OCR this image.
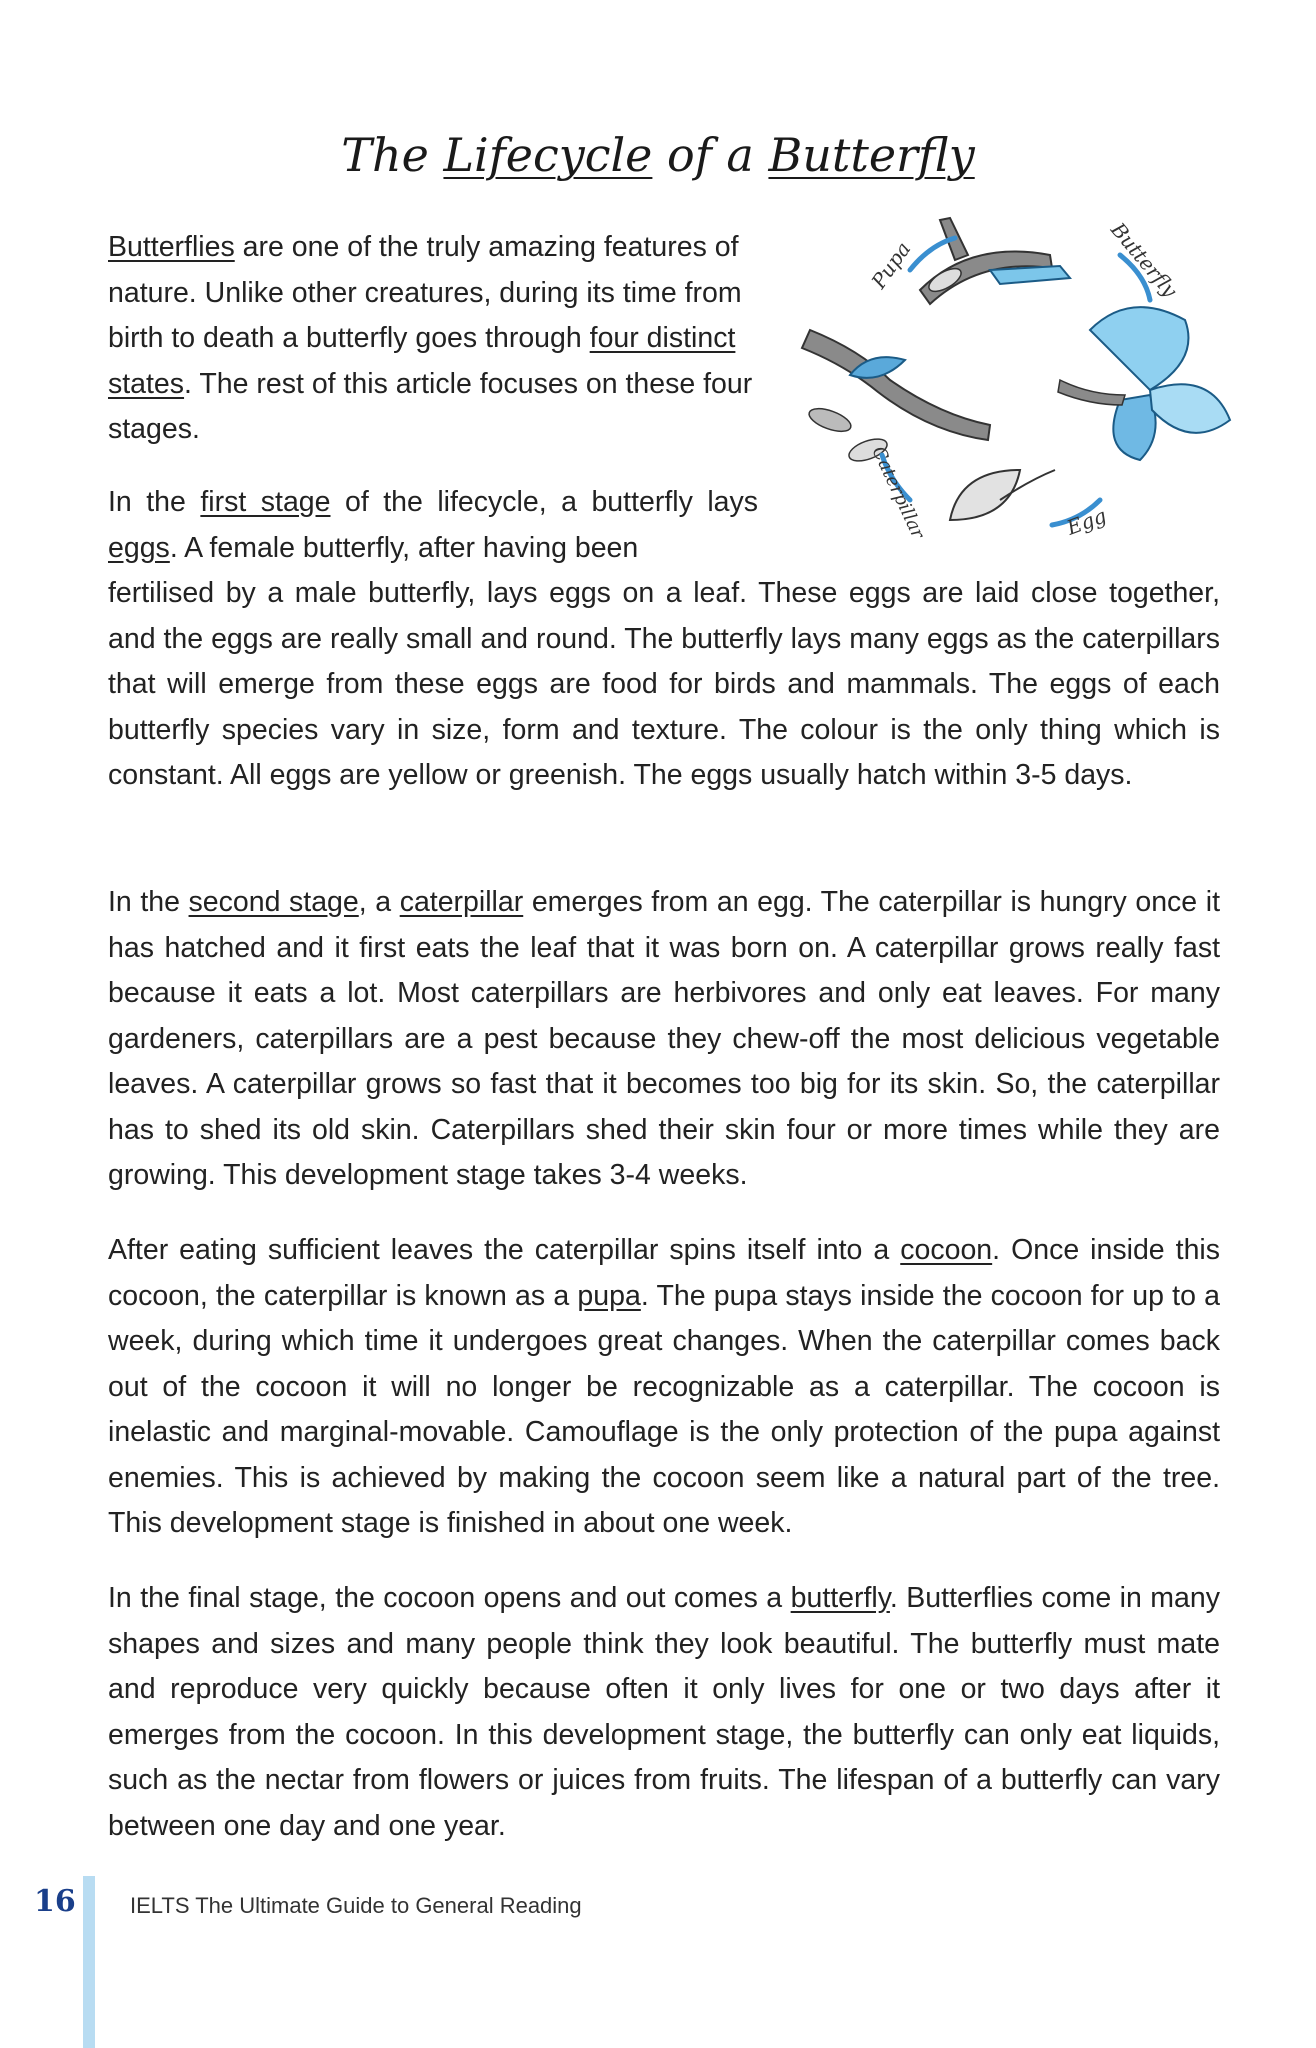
The Lifecycle of a Butterfly

Butterflies are one of the truly amazing features of nature. Unlike other creatures, during its time from birth to death a butterfly goes through four distinct states. The rest of this article focuses on these four stages.

In the first stage of the lifecycle, a butterfly lays eggs. A female butterfly, after having been
fertilised by a male butterfly, lays eggs on a leaf. These eggs are laid close together, and the eggs are really small and round. The butterfly lays many eggs as the caterpillars that will emerge from these eggs are food for birds and mammals. The eggs of each butterfly species vary in size, form and texture. The colour is the only thing which is constant. All eggs are yellow or greenish. The eggs usually hatch within 3-5 days.

In the second stage, a caterpillar emerges from an egg. The caterpillar is hungry once it has hatched and it first eats the leaf that it was born on. A caterpillar grows really fast because it eats a lot. Most caterpillars are herbivores and only eat leaves. For many gardeners, caterpillars are a pest because they chew-off the most delicious vegetable leaves. A caterpillar grows so fast that it becomes too big for its skin. So, the caterpillar has to shed its old skin. Caterpillars shed their skin four or more times while they are growing. This development stage takes 3-4 weeks.

After eating sufficient leaves the caterpillar spins itself into a cocoon. Once inside this cocoon, the caterpillar is known as a pupa. The pupa stays inside the cocoon for up to a week, during which time it undergoes great changes. When the caterpillar comes back out of the cocoon it will no longer be recognizable as a caterpillar. The cocoon is inelastic and marginal-movable. Camouflage is the only protection of the pupa against enemies. This is achieved by making the cocoon seem like a natural part of the tree. This development stage is finished in about one week.

In the final stage, the cocoon opens and out comes a butterfly. Butterflies come in many shapes and sizes and many people think they look beautiful. The butterfly must mate and reproduce very quickly because often it only lives for one or two days after it emerges from the cocoon. In this development stage, the butterfly can only eat liquids, such as the nectar from flowers or juices from fruits. The lifespan of a butterfly can vary between one day and one year.

Pupa	Butterfly
Caterpillar	Egg
16 IELTS The Ultimate Guide to General Reading
